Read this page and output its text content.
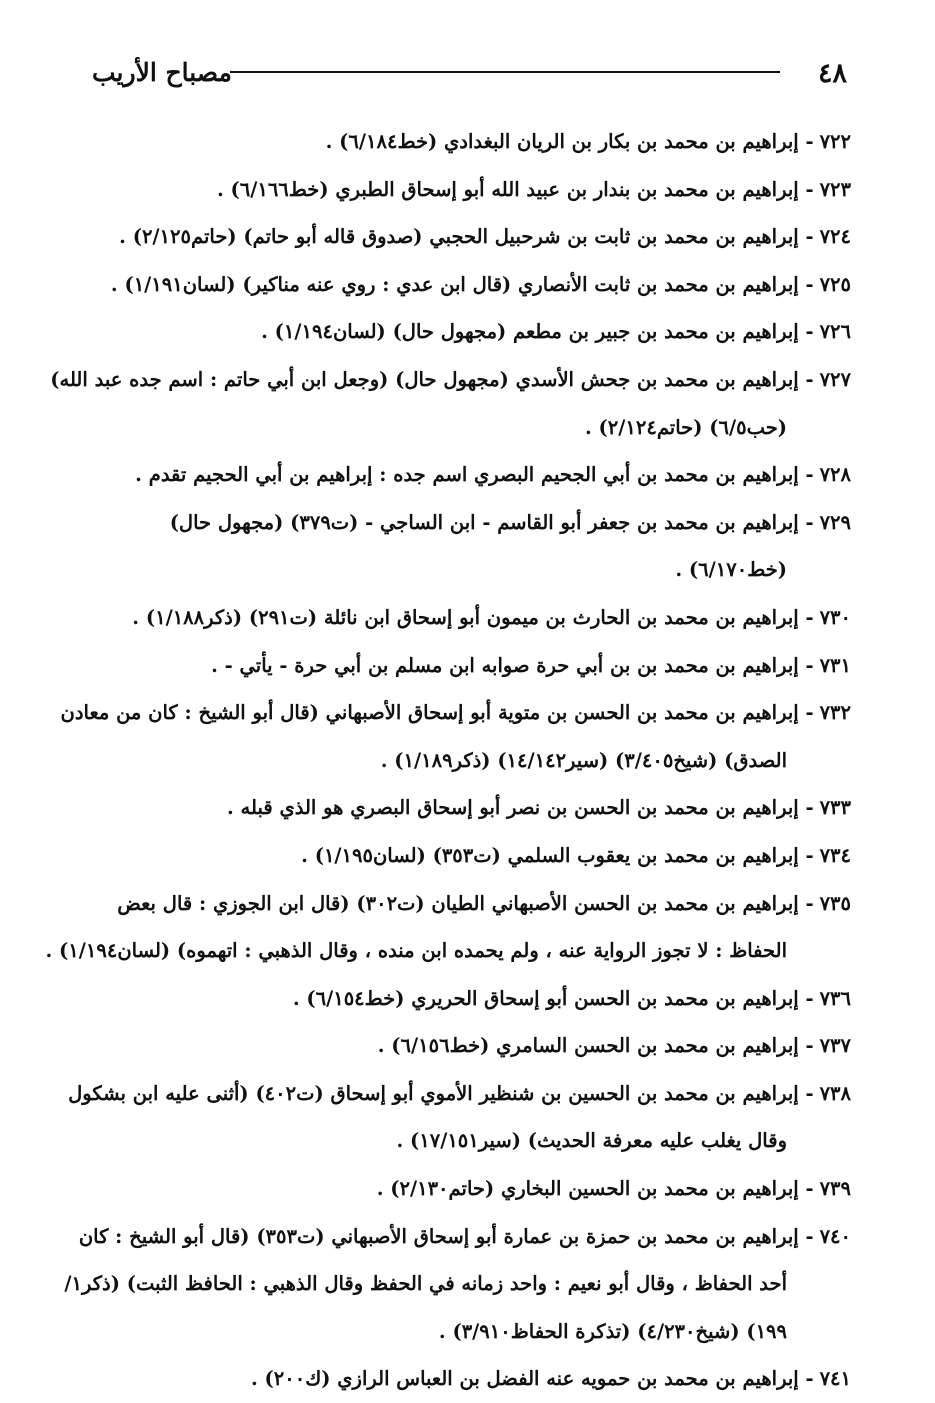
٤٨
مصباح الأريب
٧٢٢- إبراهيم بن محمد بن بكار بن الريان البغدادي (خط٦/١٨٤) .
٧٢٣- إبراهيم بن محمد بن بندار بن عبيد الله أبو إسحاق الطبري (خط٦/١٦٦) .
٧٢٤- إبراهيم بن محمد بن ثابت بن شرحبيل الحجبي (صدوق قاله أبو حاتم) (حاتم٢/١٢٥) .
٧٢٥- إبراهيم بن محمد بن ثابت الأنصاري (قال ابن عدي : روي عنه مناكير) (لسان١/١٩١) .
٧٢٦- إبراهيم بن محمد بن جبير بن مطعم (مجهول حال) (لسان١/١٩٤) .
٧٢٧- إبراهيم بن محمد بن جحش الأسدي (مجهول حال) (وجعل ابن أبي حاتم : اسم جده عبد الله)
(حب٦/٥) (حاتم٢/١٢٤) .
٧٢٨- إبراهيم بن محمد بن أبي الجحيم البصري اسم جده : إبراهيم بن أبي الحجيم تقدم .
٧٢٩- إبراهيم بن محمد بن جعفر أبو القاسم - ابن الساجي - (ت٣٧٩) (مجهول حال)
(خط٦/١٧٠) .
٧٣٠- إبراهيم بن محمد بن الحارث بن ميمون أبو إسحاق ابن نائلة (ت٢٩١) (ذكر١/١٨٨) .
٧٣١- إبراهيم بن محمد بن بن أبي حرة صوابه ابن مسلم بن أبي حرة - يأتي - .
٧٣٢- إبراهيم بن محمد بن الحسن بن متوية أبو إسحاق الأصبهاني (قال أبو الشيخ : كان من معادن
الصدق) (شيخ٣/٤٠٥) (سير١٤/١٤٢) (ذكر١/١٨٩) .
٧٣٣- إبراهيم بن محمد بن الحسن بن نصر أبو إسحاق البصري هو الذي قبله .
٧٣٤- إبراهيم بن محمد بن يعقوب السلمي (ت٣٥٣) (لسان١/١٩٥) .
٧٣٥- إبراهيم بن محمد بن الحسن الأصبهاني الطيان (ت٣٠٢) (قال ابن الجوزي : قال بعض
الحفاظ : لا تجوز الرواية عنه ، ولم يحمده ابن منده ، وقال الذهبي : اتهموه) (لسان١/١٩٤) .
٧٣٦- إبراهيم بن محمد بن الحسن أبو إسحاق الحريري (خط٦/١٥٤) .
٧٣٧- إبراهيم بن محمد بن الحسن السامري (خط٦/١٥٦) .
٧٣٨- إبراهيم بن محمد بن الحسين بن شنظير الأموي أبو إسحاق (ت٤٠٢) (أثنى عليه ابن بشكول
وقال يغلب عليه معرفة الحديث) (سير١٧/١٥١) .
٧٣٩- إبراهيم بن محمد بن الحسين البخاري (حاتم٢/١٣٠) .
٧٤٠- إبراهيم بن محمد بن حمزة بن عمارة أبو إسحاق الأصبهاني (ت٣٥٣) (قال أبو الشيخ : كان
أحد الحفاظ ، وقال أبو نعيم : واحد زمانه في الحفظ وقال الذهبي : الحافظ الثبت) (ذكر١/
١٩٩) (شيخ٤/٢٣٠) (تذكرة الحفاظ٣/٩١٠) .
٧٤١- إبراهيم بن محمد بن حمويه عنه الفضل بن العباس الرازي (ك٢٠٠) .
